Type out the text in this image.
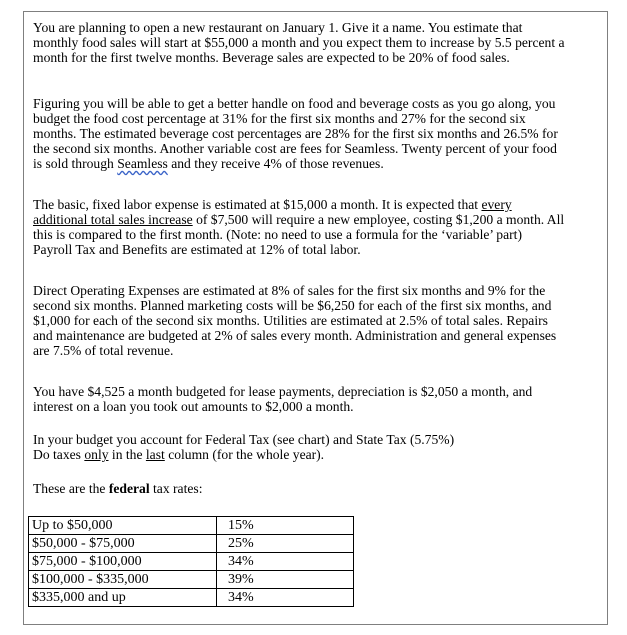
You are planning to open a new restaurant on January 1. Give it a name. You estimate that
monthly food sales will start at $55,000 a month and you expect them to increase by 5.5 percent a
month for the first twelve months. Beverage sales are expected to be 20% of food sales.

Figuring you will be able to get a better handle on food and beverage costs as you go along, you
budget the food cost percentage at 31% for the first six months and 27% for the second six
months. The estimated beverage cost percentages are 28% for the first six months and 26.5% for
the second six months. Another variable cost are fees for Seamless. Twenty percent of your food
is sold through Seamless and they receive 4% of those revenues.

The basic, fixed labor expense is estimated at $15,000 a month. It is expected that every
additional total sales increase of $7,500 will require a new employee, costing $1,200 a month. All
this is compared to the first month. (Note: no need to use a formula for the ‘variable’ part)
Payroll Tax and Benefits are estimated at 12% of total labor.

Direct Operating Expenses are estimated at 8% of sales for the first six months and 9% for the
second six months. Planned marketing costs will be $6,250 for each of the first six months, and
$1,000 for each of the second six months. Utilities are estimated at 2.5% of total sales. Repairs
and maintenance are budgeted at 2% of sales every month. Administration and general expenses
are 7.5% of total revenue.

You have $4,525 a month budgeted for lease payments, depreciation is $2,050 a month, and
interest on a loan you took out amounts to $2,000 a month.

In your budget you account for Federal Tax (see chart) and State Tax (5.75%)
Do taxes only in the last column (for the whole year).

These are the federal tax rates:

Up to $50,000	15%
$50,000 - $75,000	25%
$75,000 - $100,000	34%
$100,000 - $335,000	39%
$335,000 and up	34%
